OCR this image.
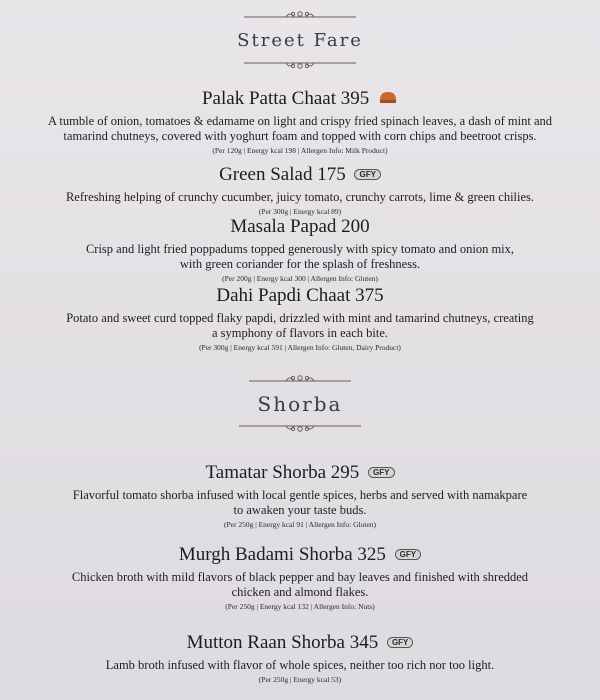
Street Fare
Palak Patta Chaat 395
A tumble of onion, tomatoes & edamame on light and crispy fried spinach leaves, a dash of mint and
tamarind chutneys, covered with yoghurt foam and topped with corn chips and beetroot crisps.
(Per 120g | Energy kcal 198 | Allergen Info: Milk Product)
Green Salad 175 GFY
Refreshing helping of crunchy cucumber, juicy tomato, crunchy carrots, lime & green chilies.
(Per 300g | Energy kcal 89)
Masala Papad 200
Crisp and light fried poppadums topped generously with spicy tomato and onion mix,
with green coriander for the splash of freshness.
(Per 200g | Energy kcal 300 | Allergen Info: Gluten)
Dahi Papdi Chaat 375
Potato and sweet curd topped flaky papdi, drizzled with mint and tamarind chutneys, creating
a symphony of flavors in each bite.
(Per 300g | Energy kcal 591 | Allergen Info: Gluten, Dairy Product)
Shorba
Tamatar Shorba 295 GFY
Flavorful tomato shorba infused with local gentle spices, herbs and served with namakpare
to awaken your taste buds.
(Per 250g | Energy kcal 91 | Allergen Info: Gluten)
Murgh Badami Shorba 325 GFY
Chicken broth with mild flavors of black pepper and bay leaves and finished with shredded
chicken and almond flakes.
(Per 250g | Energy kcal 132 | Allergen Info: Nuts)
Mutton Raan Shorba 345 GFY
Lamb broth infused with flavor of whole spices, neither too rich nor too light.
(Per 250g | Energy kcal 53)
